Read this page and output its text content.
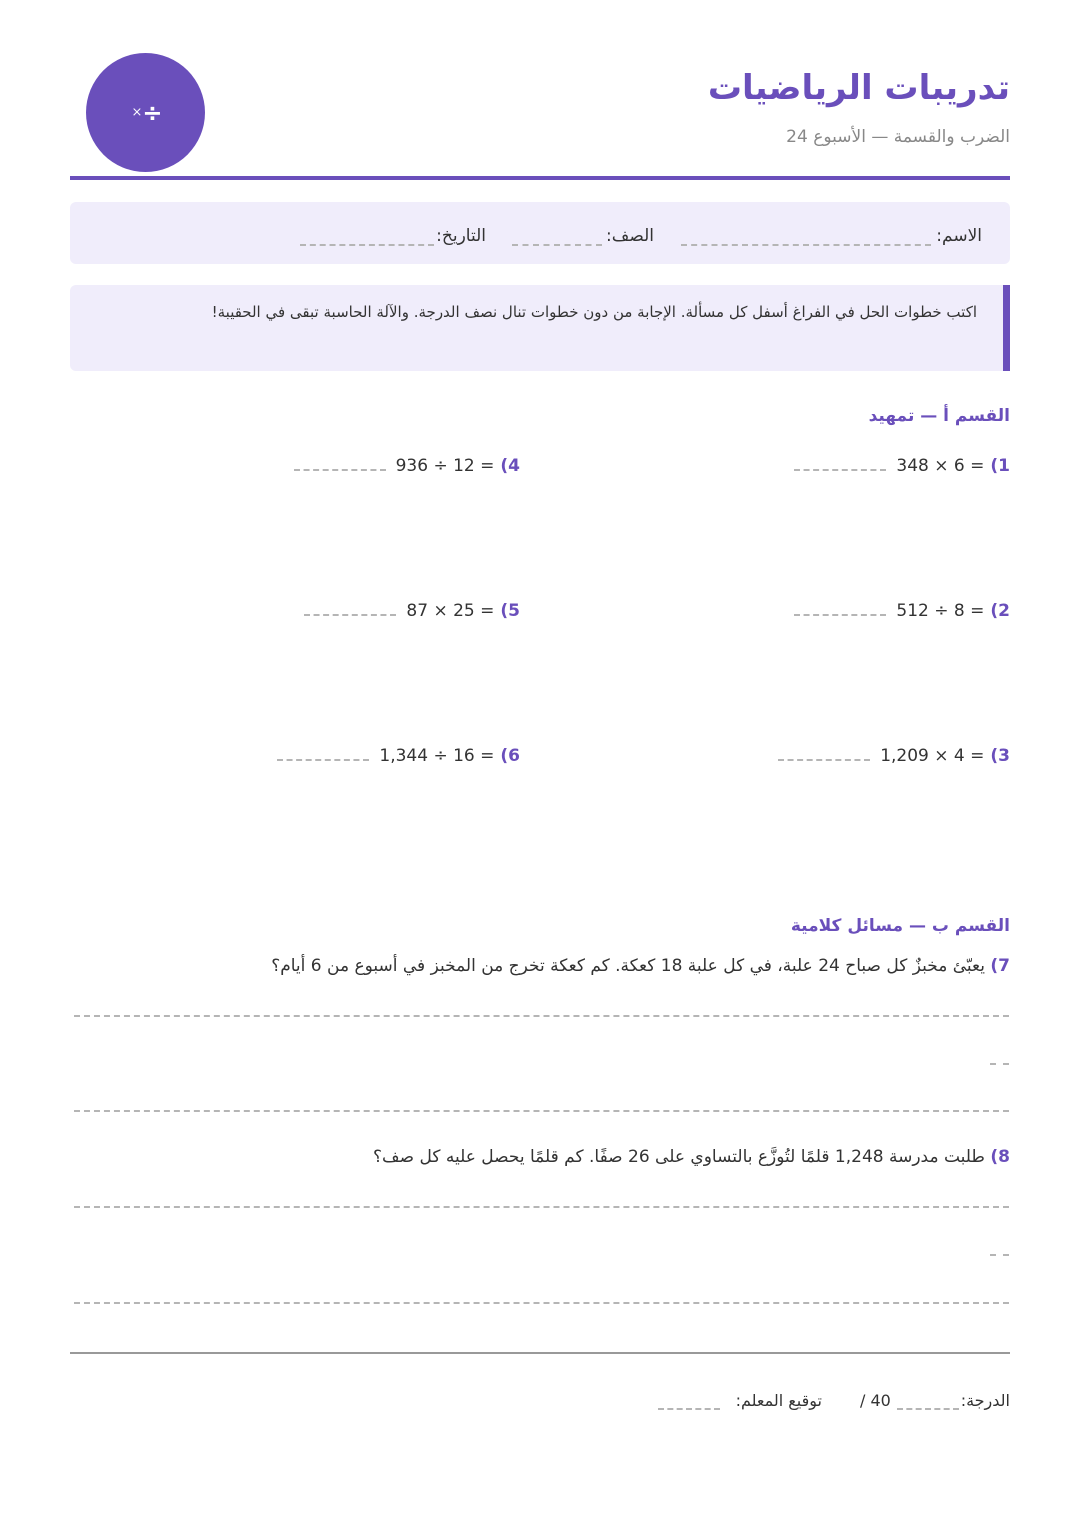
تدريبات الرياضيات
الضرب والقسمة — الأسبوع 24
× ÷
الاسم:
الصف:
التاريخ:

اكتب خطوات الحل في الفراغ أسفل كل مسألة. الإجابة من دون خطوات تنال نصف الدرجة. والآلة الحاسبة تبقى في الحقيبة!

القسم أ — تمهيد
1)
348 × 6 =
2)
512 ÷ 8 =
3)
1,209 × 4 =
4)
936 ÷ 12 =
5)
87 × 25 =
6)
1,344 ÷ 16 =
القسم ب — مسائل كلامية
7) يعبّئ مخبزٌ كل صباح 24 علبة، في كل علبة 18 كعكة. كم كعكة تخرج من المخبز في أسبوع من 6 أيام؟
8) طلبت مدرسة 1,248 قلمًا لتُوزَّع بالتساوي على 26 صفًا. كم قلمًا يحصل عليه كل صف؟
الدرجة:
/ 40
توقيع المعلم:
